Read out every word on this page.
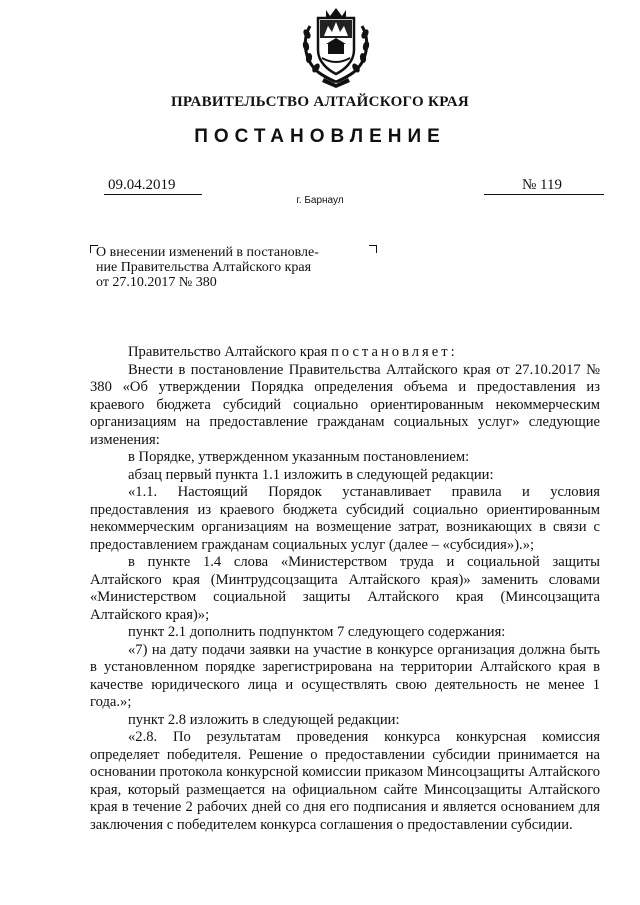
ПРАВИТЕЛЬСТВО АЛТАЙСКОГО КРАЯ
ПОСТАНОВЛЕНИЕ
09.04.2019	№ 119
г. Барнаул
О внесении изменений в постановле-
ние Правительства Алтайского края
от 27.10.2017 № 380

Правительство Алтайского края постановляет:

Внести в постановление Правительства Алтайского края от 27.10.2017 № 380 «Об утверждении Порядка определения объема и предоставления из краевого бюджета субсидий социально ориентированным некоммерческим организациям на предоставление гражданам социальных услуг» следующие изменения:

в Порядке, утвержденном указанным постановлением:

абзац первый пункта 1.1 изложить в следующей редакции:

«1.1. Настоящий Порядок устанавливает правила и условия предоставления из краевого бюджета субсидий социально ориентированным некоммерческим организациям на возмещение затрат, возникающих в связи с предоставлением гражданам социальных услуг (далее – «субсидия»).»;

в пункте 1.4 слова «Министерством труда и социальной защиты Алтайского края (Минтрудсоцзащита Алтайского края)» заменить словами «Министерством социальной защиты Алтайского края (Минсоцзащита Алтайского края)»;

пункт 2.1 дополнить подпунктом 7 следующего содержания:

«7) на дату подачи заявки на участие в конкурсе организация должна быть в установленном порядке зарегистрирована на территории Алтайского края в качестве юридического лица и осуществлять свою деятельность не менее 1 года.»;

пункт 2.8 изложить в следующей редакции:

«2.8. По результатам проведения конкурса конкурсная комиссия определяет победителя. Решение о предоставлении субсидии принимается на основании протокола конкурсной комиссии приказом Минсоцзащиты Алтайского края, который размещается на официальном сайте Минсоцзащиты Алтайского края в течение 2 рабочих дней со дня его подписания и является основанием для заключения с победителем конкурса соглашения о предоставлении субсидии.
